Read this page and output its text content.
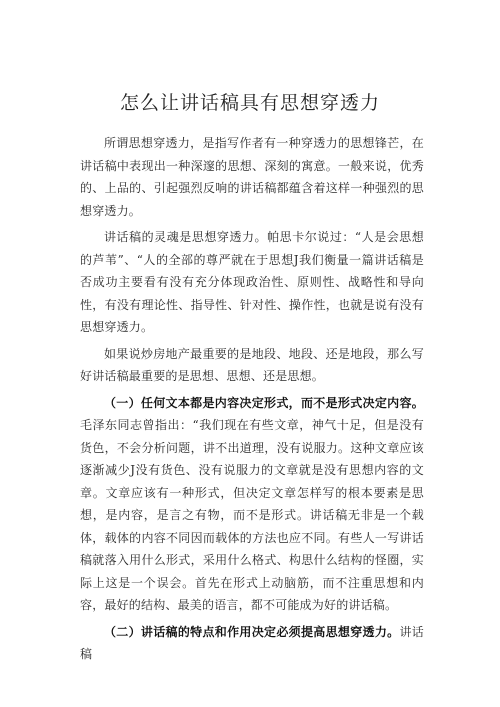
怎么让讲话稿具有思想穿透力

所谓思想穿透力，是指写作者有一种穿透力的思想锋芒，在讲话稿中表现出一种深邃的思想、深刻的寓意。一般来说，优秀的、上品的、引起强烈反响的讲话稿都蕴含着这样一种强烈的思想穿透力。

讲话稿的灵魂是思想穿透力。帕思卡尔说过：“人是会思想的芦苇”、“人的全部的尊严就在于思想J我们衡量一篇讲话稿是否成功主要看有没有充分体现政治性、原则性、战略性和导向性，有没有理论性、指导性、针对性、操作性，也就是说有没有思想穿透力。

如果说炒房地产最重要的是地段、地段、还是地段，那么写好讲话稿最重要的是思想、思想、还是思想。

（一）任何文本都是内容决定形式，而不是形式决定内容。毛泽东同志曾指出：“我们现在有些文章，神气十足，但是没有货色，不会分析问题，讲不出道理，没有说服力。这种文章应该逐渐减少J没有货色、没有说服力的文章就是没有思想内容的文章。文章应该有一种形式，但决定文章怎样写的根本要素是思想，是内容，是言之有物，而不是形式。讲话稿无非是一个载体，载体的内容不同因而载体的方法也应不同。有些人一写讲话稿就落入用什么形式，采用什么格式、构思什么结构的怪圈，实际上这是一个误会。首先在形式上动脑筋，而不注重思想和内容，最好的结构、最美的语言，都不可能成为好的讲话稿。

（二）讲话稿的特点和作用决定必须提高思想穿透力。讲话稿
